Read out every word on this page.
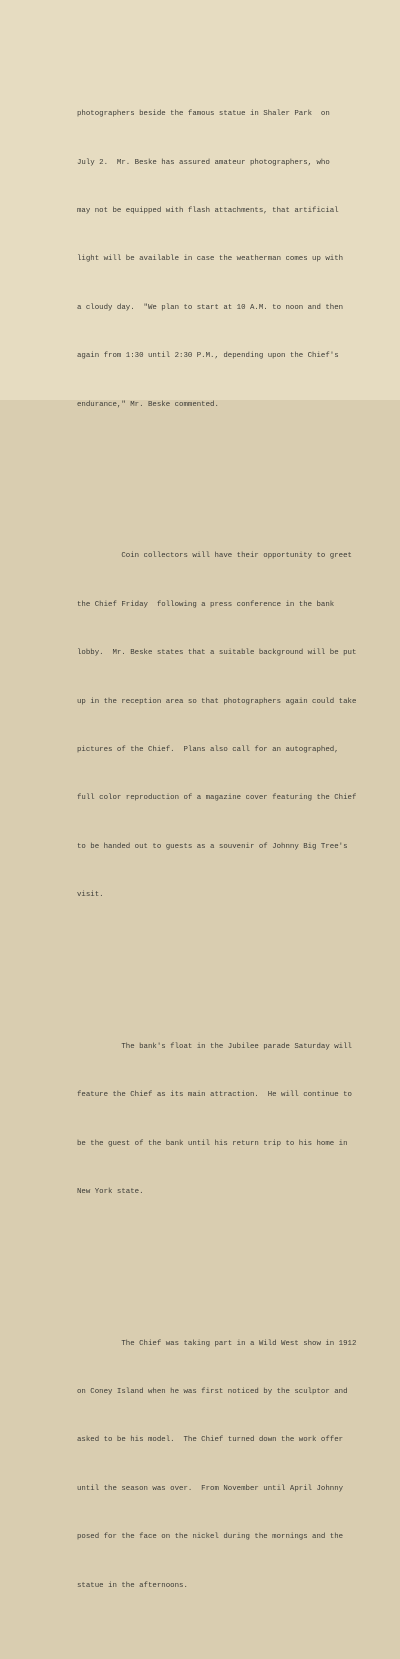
photographers beside the famous statue in Shaler Park  on

July 2.  Mr. Beske has assured amateur photographers, who

may not be equipped with flash attachments, that artificial

light will be available in case the weatherman comes up with

a cloudy day.  "We plan to start at 10 A.M. to noon and then

again from 1:30 until 2:30 P.M., depending upon the Chief's

endurance," Mr. Beske commented.

Coin collectors will have their opportunity to greet

the Chief Friday  following a press conference in the bank

lobby.  Mr. Beske states that a suitable background will be put

up in the reception area so that photographers again could take

pictures of the Chief.  Plans also call for an autographed,

full color reproduction of a magazine cover featuring the Chief

to be handed out to guests as a souvenir of Johnny Big Tree's

visit.

The bank's float in the Jubilee parade Saturday will

feature the Chief as its main attraction.  He will continue to

be the guest of the bank until his return trip to his home in

New York state.

The Chief was taking part in a Wild West show in 1912

on Coney Island when he was first noticed by the sculptor and

asked to be his model.  The Chief turned down the work offer

until the season was over.  From November until April Johnny

posed for the face on the nickel during the mornings and the

statue in the afternoons.
